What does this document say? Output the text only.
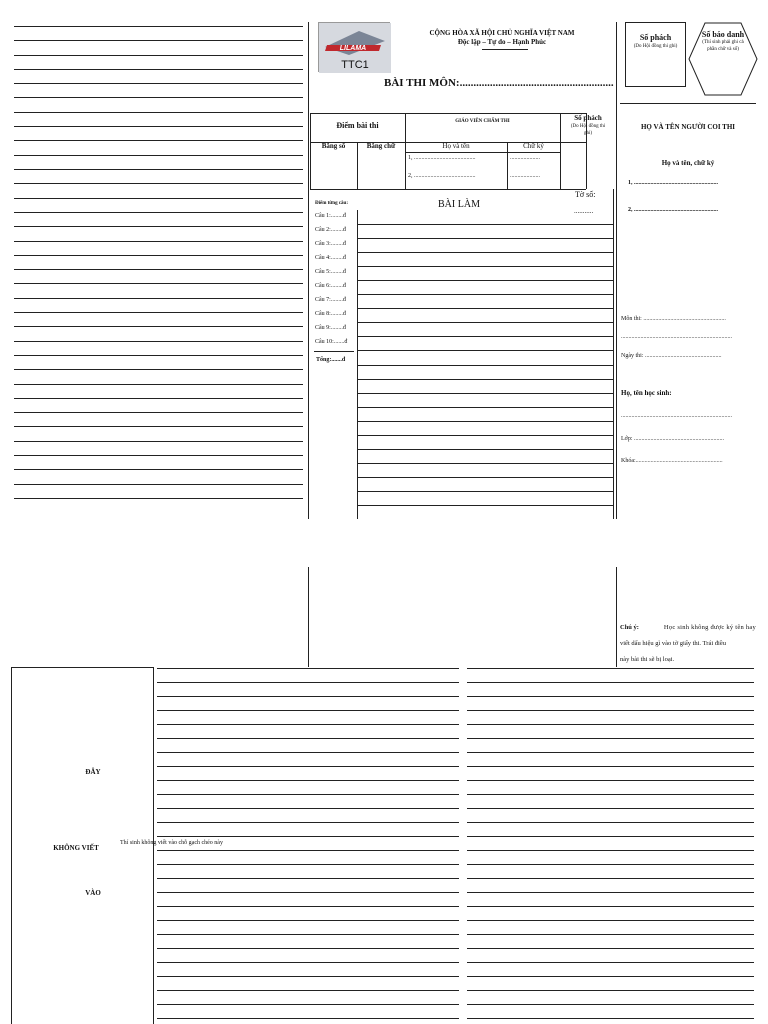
LILAMA
TTC1
CỘNG HÒA XÃ HỘI CHỦ NGHĨA VIỆT NAM
Độc lập – Tự do – Hạnh Phúc
BÀI THI MÔN:........................................................
Số phách
(Do Hội đồng thi ghi)
Số báo danh
(Thí sinh phải ghi cả
phần chữ và số)
Điểm bài thi	GIÁO VIÊN CHẤM THI	Số phách
(Do Hội đồng thi
ghi)
Bằng số	Bằng chữ	Họ và tên	Chữ ký
1, .........................................
2, .........................................
....................
....................
Điểm từng câu:
Câu 1:........đ
Câu 2:........đ
Câu 3:........đ
Câu 4:........đ
Câu 5:........đ
Câu 6:........đ
Câu 7:........đ
Câu 8:........đ
Câu 9:........đ
Câu 10:.......đ
Tổng:.......đ
BÀI LÀM
Tờ số:
...........
HỌ VÀ TÊN NGƯỜI COI THI
Họ và tên, chữ ký
1, ........................................................
2, ........................................................
Môn thi: .......................................................
..........................................................................
Ngày thi: ...................................................
Họ, tên học sinh:
..........................................................................
Lớp: ............................................................
Khóa:..........................................................
Chú ý:	Học sinh không được ký tên hay
viết dấu hiệu gì vào tờ giấy thi. Trái điều
này bài thi sẽ bị loại.
ĐÂY
KHÔNG VIẾT
VÀO
Thí sinh không viết vào chỗ gạch chéo này
